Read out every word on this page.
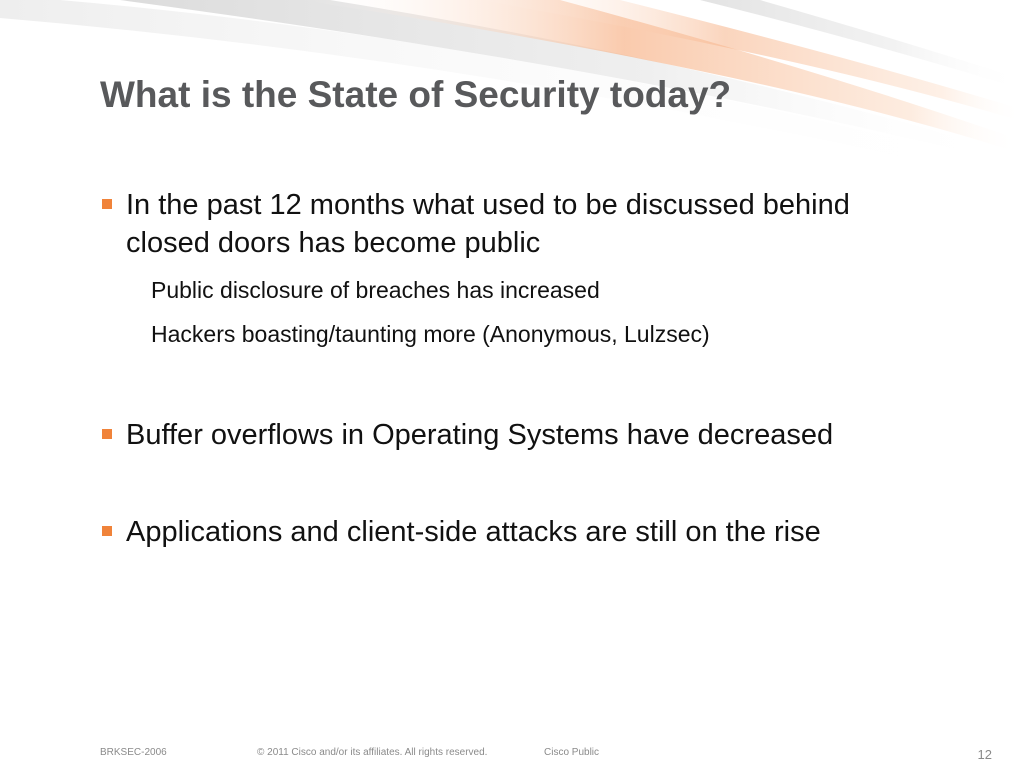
What is the State of Security today?
In the past 12 months what used to be discussed behind closed doors has become public
Public disclosure of breaches has increased
Hackers boasting/taunting more (Anonymous, Lulzsec)
Buffer overflows in Operating Systems have decreased
Applications and client-side attacks are still on the rise
BRKSEC-2006	© 2011 Cisco and/or its affiliates. All rights reserved.	Cisco Public	12
